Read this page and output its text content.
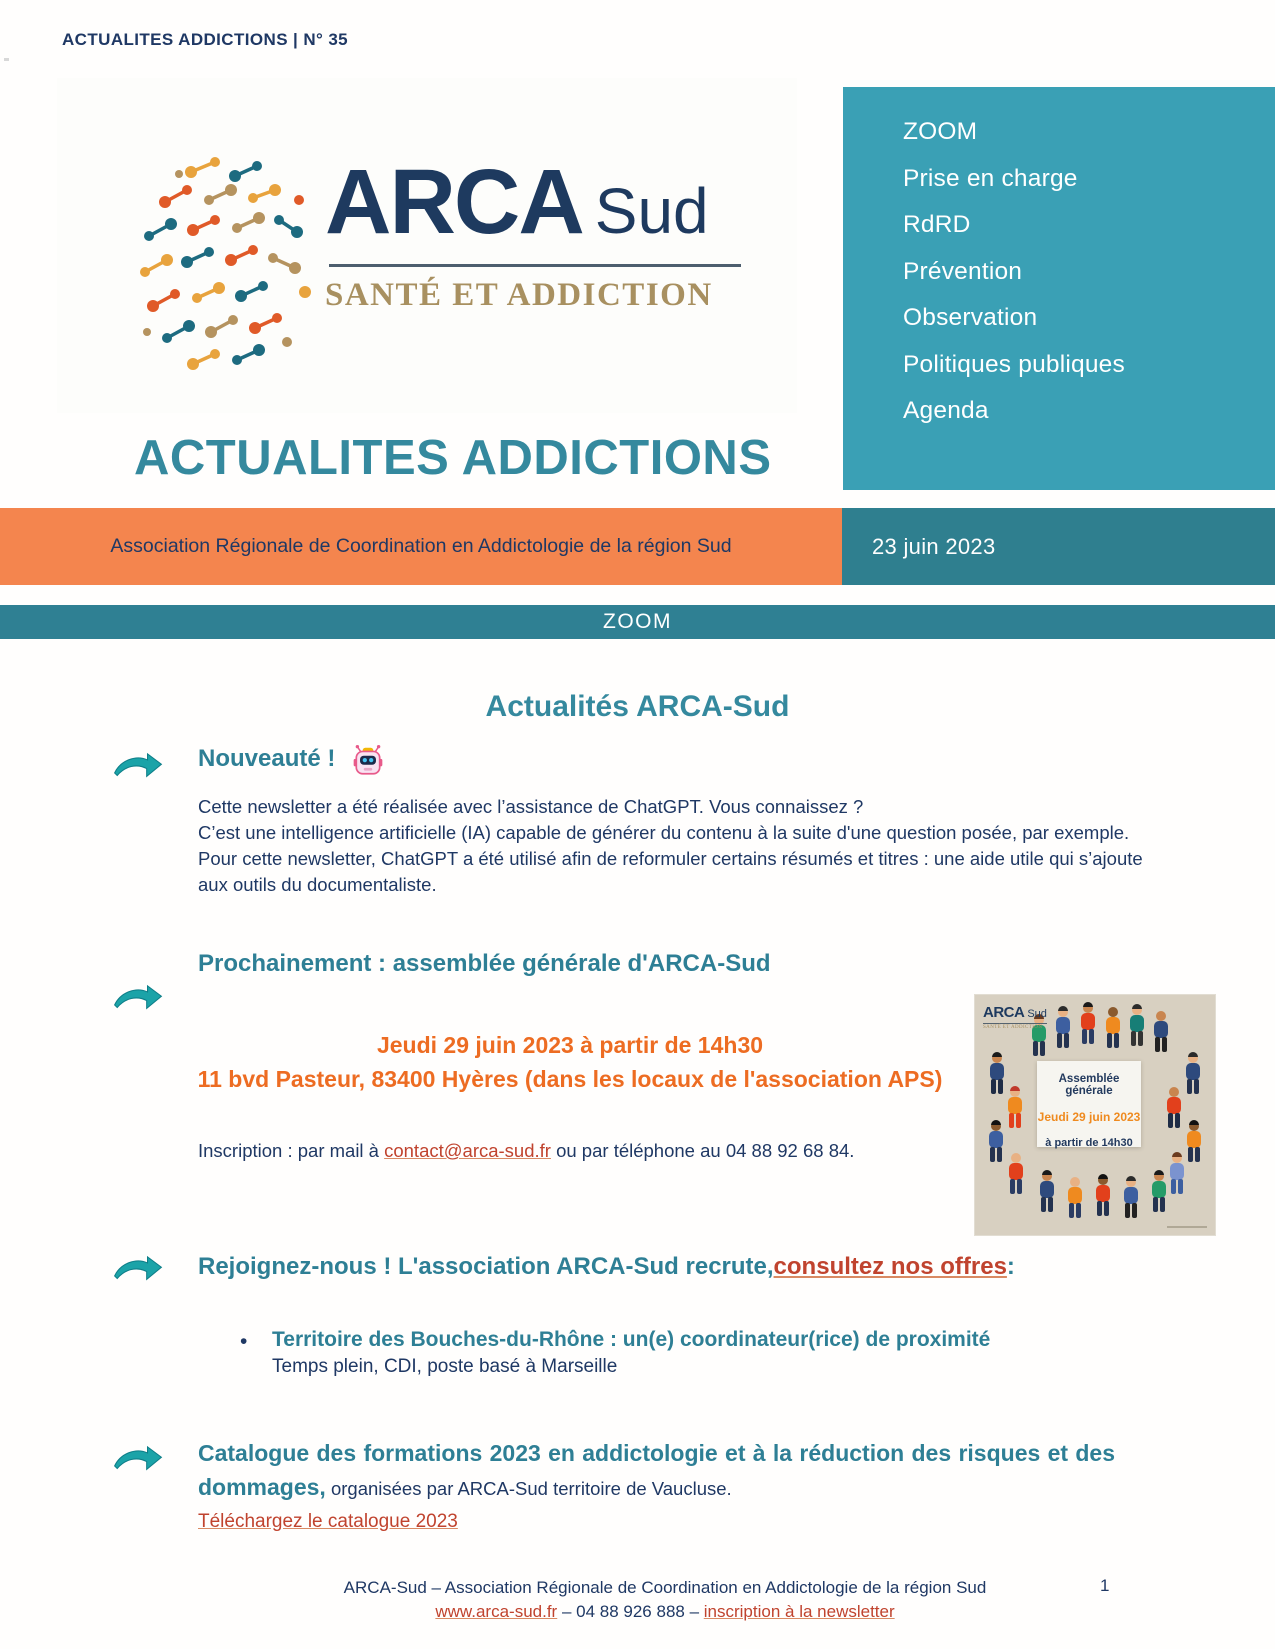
ACTUALITES ADDICTIONS | N° 35
ARCA Sud
SANTÉ ET ADDICTION
ZOOM
Prise en charge
RdRD
Prévention
Observation
Politiques publiques
Agenda
ACTUALITES ADDICTIONS
Association Régionale de Coordination en Addictologie de la région Sud	23 juin 2023
ZOOM
Actualités ARCA-Sud
Nouveauté !
Cette newsletter a été réalisée avec l’assistance de ChatGPT. Vous connaissez ?
C’est une intelligence artificielle (IA) capable de générer du contenu à la suite d'une question posée, par exemple.
Pour cette newsletter, ChatGPT a été utilisé afin de reformuler certains résumés et titres : une aide utile qui s’ajoute aux outils du documentaliste.
Prochainement : assemblée générale d'ARCA-Sud
Jeudi 29 juin 2023 à partir de 14h30
11 bvd Pasteur, 83400 Hyères (dans les locaux de l'association APS)
Inscription : par mail à contact@arca-sud.fr ou par téléphone au 04 88 92 68 84.
ARCA Sud
SANTÉ ET ADDICTION
Assemblée générale
Jeudi 29 juin 2023
à partir de 14h30
Rejoignez-nous ! L'association ARCA-Sud recrute, consultez nos offres :
• Territoire des Bouches-du-Rhône : un(e) coordinateur(rice) de proximité
Temps plein, CDI, poste basé à Marseille

Catalogue des formations 2023 en addictologie et à la réduction des risques et des dommages, organisées par ARCA-Sud territoire de Vaucluse.

Téléchargez le catalogue 2023
ARCA-Sud – Association Régionale de Coordination en Addictologie de la région Sud
www.arca-sud.fr – 04 88 926 888 – inscription à la newsletter
1
